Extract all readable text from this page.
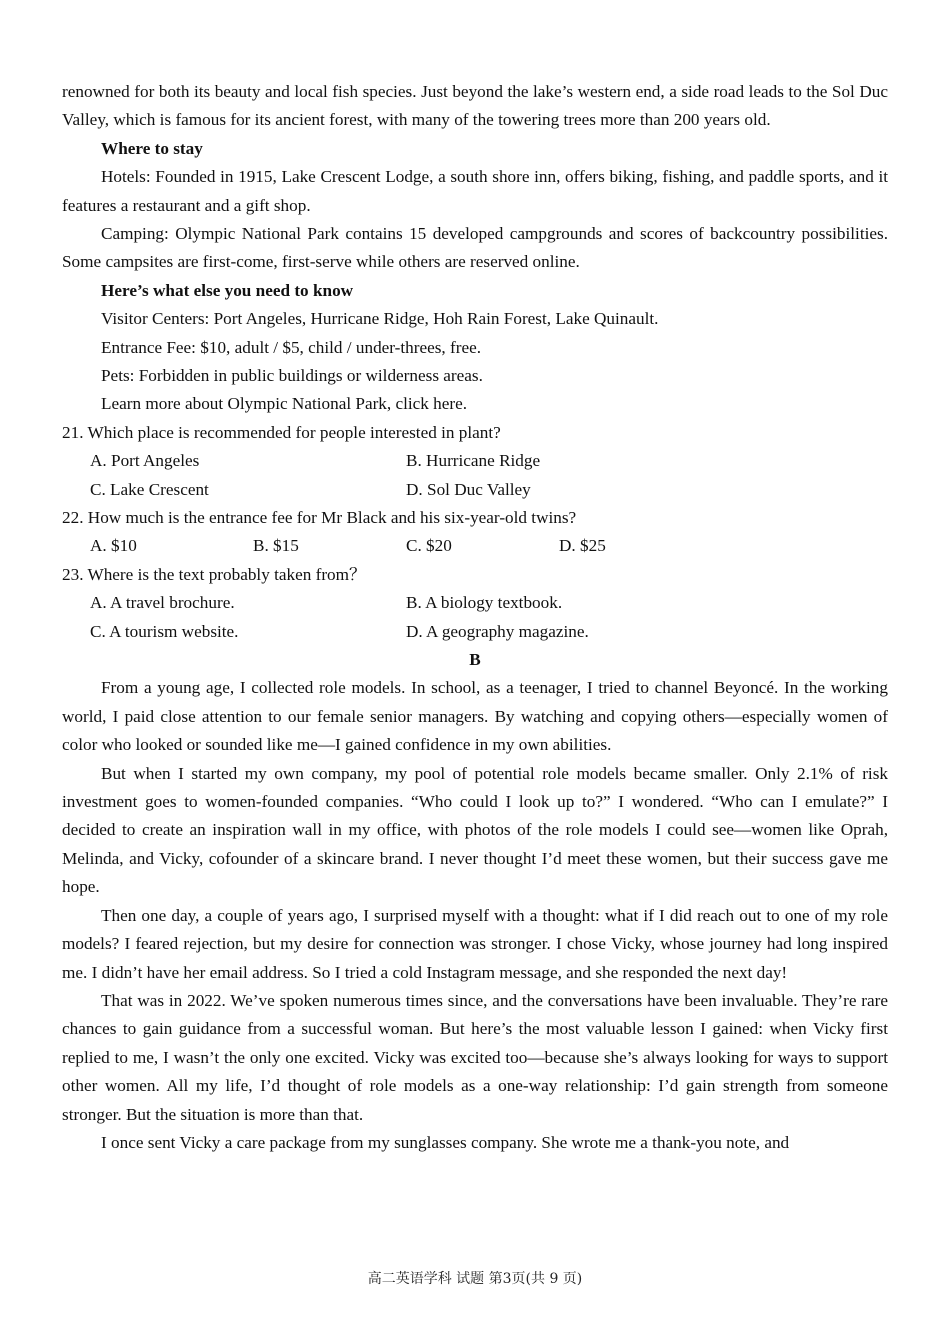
renowned for both its beauty and local fish species. Just beyond the lake’s western end, a side road leads to the Sol Duc Valley, which is famous for its ancient forest, with many of the towering trees more than 200 years old.

Where to stay

Hotels: Founded in 1915, Lake Crescent Lodge, a south shore inn, offers biking, fishing, and paddle sports, and it features a restaurant and a gift shop.

Camping: Olympic National Park contains 15 developed campgrounds and scores of backcountry possibilities. Some campsites are first-come, first-serve while others are reserved online.

Here’s what else you need to know

Visitor Centers: Port Angeles, Hurricane Ridge, Hoh Rain Forest, Lake Quinault.

Entrance Fee: $10, adult / $5, child / under-threes, free.

Pets: Forbidden in public buildings or wilderness areas.

Learn more about Olympic National Park, click here.

21. Which place is recommended for people interested in plant?

A. Port Angeles	B. Hurricane Ridge
C. Lake Crescent	D. Sol Duc Valley

22. How much is the entrance fee for Mr Black and his six-year-old twins?

A. $10	B. $15	C. $20	D. $25

23. Where is the text probably taken from？

A. A travel brochure.	B. A biology textbook.
C. A tourism website.	D. A geography magazine.

B

From a young age, I collected role models. In school, as a teenager, I tried to channel Beyoncé. In the working world, I paid close attention to our female senior managers. By watching and copying others—especially women of color who looked or sounded like me—I gained confidence in my own abilities.

But when I started my own company, my pool of potential role models became smaller. Only 2.1% of risk investment goes to women-founded companies. “Who could I look up to?” I wondered. “Who can I emulate?” I decided to create an inspiration wall in my office, with photos of the role models I could see—women like Oprah, Melinda, and Vicky, cofounder of a skincare brand. I never thought I’d meet these women, but their success gave me hope.

Then one day, a couple of years ago, I surprised myself with a thought: what if I did reach out to one of my role models? I feared rejection, but my desire for connection was stronger. I chose Vicky, whose journey had long inspired me. I didn’t have her email address. So I tried a cold Instagram message, and she responded the next day!

That was in 2022. We’ve spoken numerous times since, and the conversations have been invaluable. They’re rare chances to gain guidance from a successful woman. But here’s the most valuable lesson I gained: when Vicky first replied to me, I wasn’t the only one excited. Vicky was excited too—because she’s always looking for ways to support other women. All my life, I’d thought of role models as a one-way relationship: I’d gain strength from someone stronger. But the situation is more than that.

I once sent Vicky a care package from my sunglasses company. She wrote me a thank-you note, and

高二英语学科 试题 第3页(共 9 页)
